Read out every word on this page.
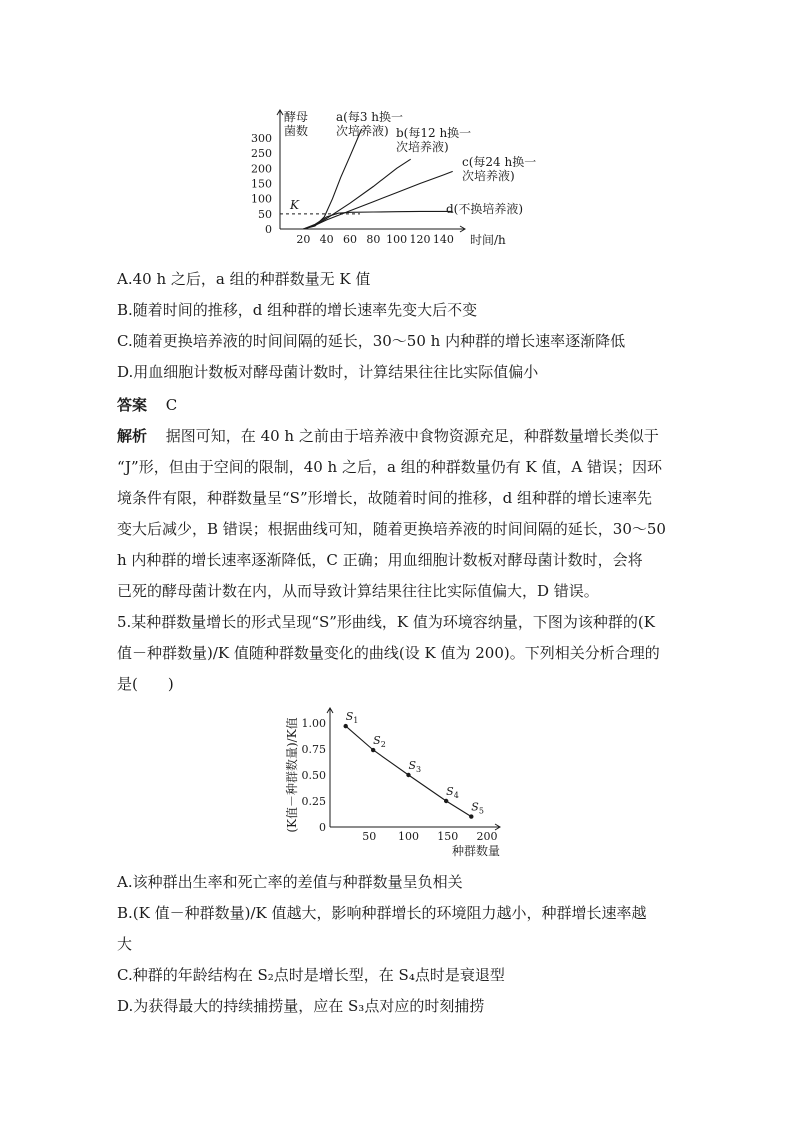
酵母
菌数
时间/h
K
300
250
200
150
100
50
0
20 40 60 80 100 120 140
a(每3 h换一
次培养液) b(每12 h换一
次培养液)
c(每24 h换一
次培养液)
d(不换培养液)
A.40 h 之后，a 组的种群数量无 K 值
B.随着时间的推移，d 组种群的增长速率先变大后不变
C.随着更换培养液的时间间隔的延长，30～50 h 内种群的增长速率逐渐降低
D.用血细胞计数板对酵母菌计数时，计算结果往往比实际值偏小
答案 C
解析 据图可知，在 40 h 之前由于培养液中食物资源充足，种群数量增长类似于
“J”形，但由于空间的限制，40 h 之后，a 组的种群数量仍有 K 值，A 错误；因环
境条件有限，种群数量呈“S”形增长，故随着时间的推移，d 组种群的增长速率先
变大后减少，B 错误；根据曲线可知，随着更换培养液的时间间隔的延长，30～50
h 内种群的增长速率逐渐降低，C 正确；用血细胞计数板对酵母菌计数时，会将
已死的酵母菌计数在内，从而导致计算结果往往比实际值偏大，D 错误。
5.某种群数量增长的形式呈现“S”形曲线，K 值为环境容纳量，下图为该种群的(K
值－种群数量)/K 值随种群数量变化的曲线(设 K 值为 200)。下列相关分析合理的
是(　　)
(K值－种群数量)/K值
种群数量
1.00
0.75
0.50
0.25
0
50 100 150 200
$S_1$
$S_2$
$S_3$
$S_4$
$S_5$
A.该种群出生率和死亡率的差值与种群数量呈负相关
B.(K 值－种群数量)/K 值越大，影响种群增长的环境阻力越小，种群增长速率越
大
C.种群的年龄结构在 S₂点时是增长型，在 S₄点时是衰退型
D.为获得最大的持续捕捞量，应在 S₃点对应的时刻捕捞
